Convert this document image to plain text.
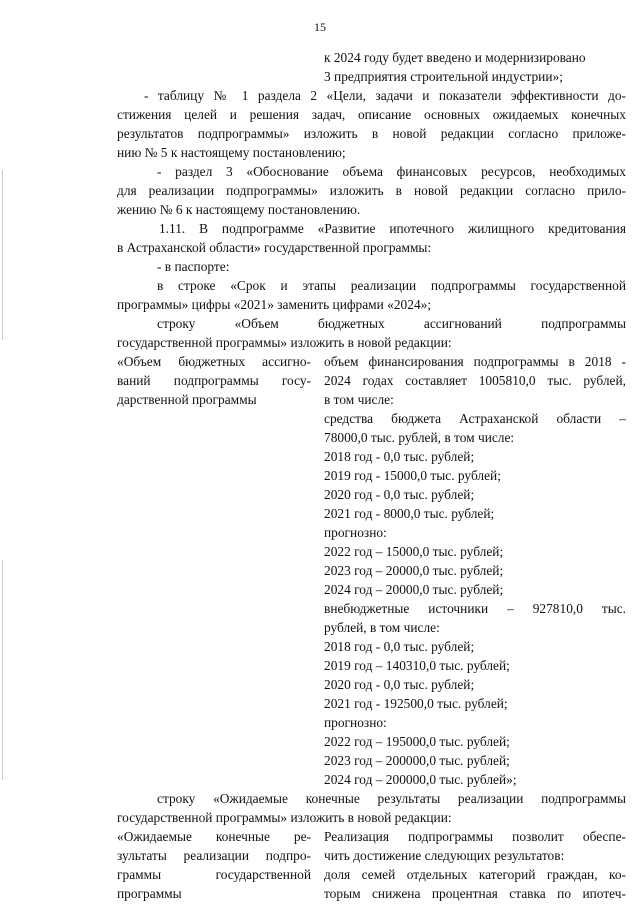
15
к 2024 году будет введено и модернизировано
3 предприятия строительной индустрии»;
- таблицу № 1 раздела 2 «Цели, задачи и показатели эффективности до-
стижения целей и решения задач, описание основных ожидаемых конечных
результатов подпрограммы» изложить в новой редакции согласно приложе-
нию № 5 к настоящему постановлению;
- раздел 3 «Обоснование объема финансовых ресурсов, необходимых
для реализации подпрограммы» изложить в новой редакции согласно прило-
жению № 6 к настоящему постановлению.
1.11. В подпрограмме «Развитие ипотечного жилищного кредитования
в Астраханской области» государственной программы:
- в паспорте:
в строке «Срок и этапы реализации подпрограммы государственной
программы» цифры «2021» заменить цифрами «2024»;
строку «Объем бюджетных ассигнований подпрограммы
государственной программы» изложить в новой редакции:
«Объем бюджетных ассигно-
ваний подпрограммы госу-
дарственной программы
объем финансирования подпрограммы в 2018 -
2024 годах составляет 1005810,0 тыс. рублей,
в том числе:
средства бюджета Астраханской области –
78000,0 тыс. рублей, в том числе:
2018 год - 0,0 тыс. рублей;
2019 год - 15000,0 тыс. рублей;
2020 год - 0,0 тыс. рублей;
2021 год - 8000,0 тыс. рублей;
прогнозно:
2022 год – 15000,0 тыс. рублей;
2023 год – 20000,0 тыс. рублей;
2024 год – 20000,0 тыс. рублей;
внебюджетные источники – 927810,0 тыс.
рублей, в том числе:
2018 год - 0,0 тыс. рублей;
2019 год – 140310,0 тыс. рублей;
2020 год - 0,0 тыс. рублей;
2021 год - 192500,0 тыс. рублей;
прогнозно:
2022 год – 195000,0 тыс. рублей;
2023 год – 200000,0 тыс. рублей;
2024 год – 200000,0 тыс. рублей»;
строку «Ожидаемые конечные результаты реализации подпрограммы
государственной программы» изложить в новой редакции:
«Ожидаемые конечные ре-
зультаты реализации подпро-
граммы государственной
программы
Реализация подпрограммы позволит обеспе-
чить достижение следующих результатов:
доля семей отдельных категорий граждан, ко-
торым снижена процентная ставка по ипотеч-
